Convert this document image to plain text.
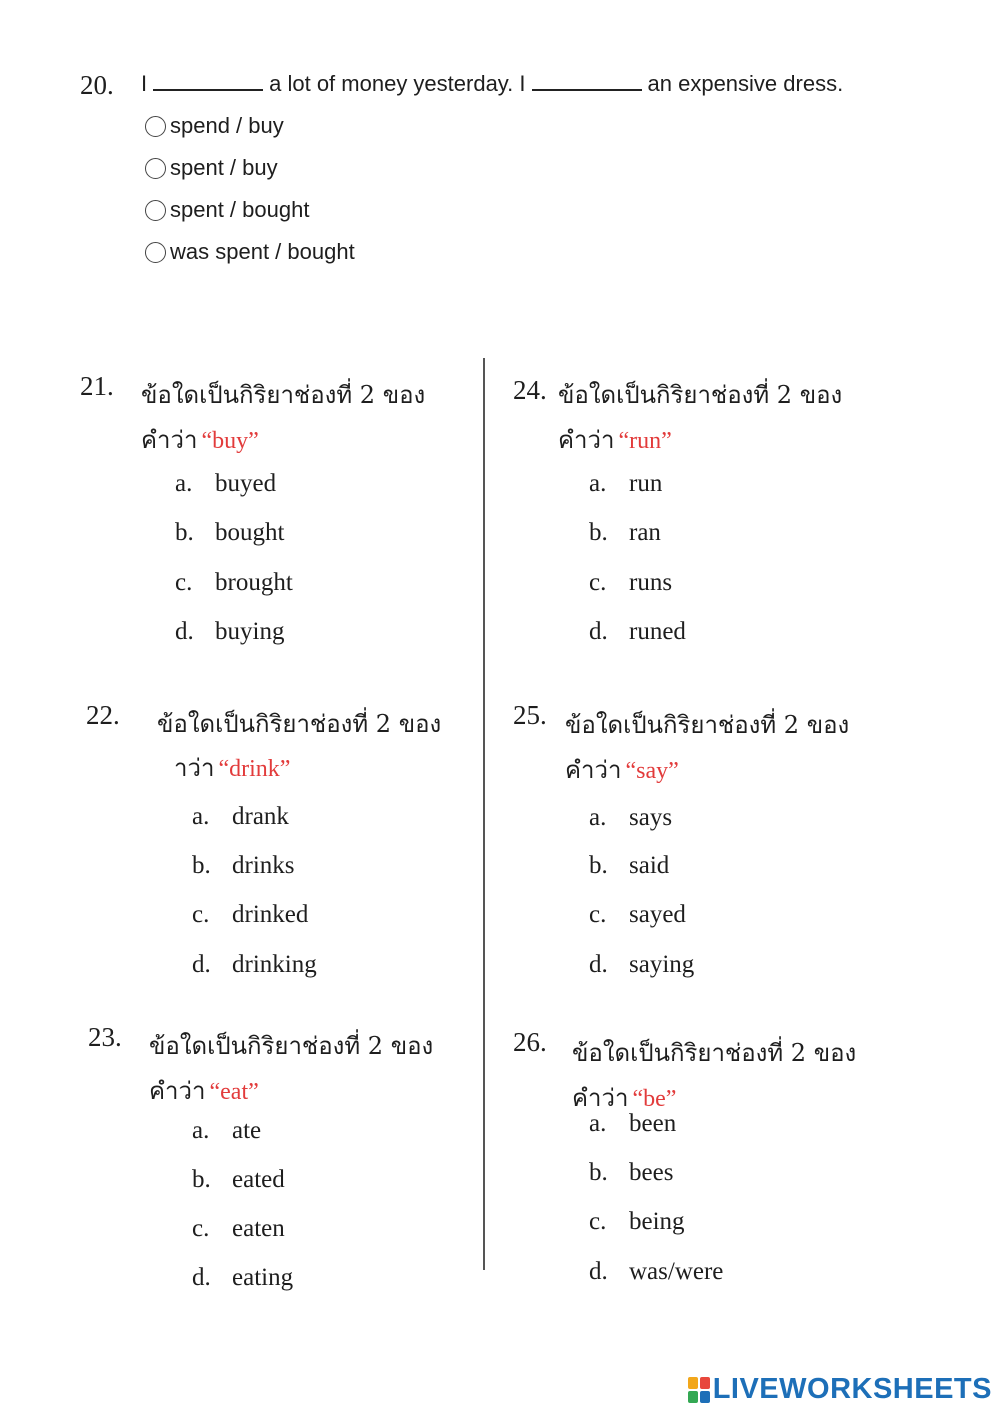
20. I	a lot of money yesterday. I	an expensive dress.
spend / buy
spent / buy
spent / bought
was spent / bought
21. ข้อใดเป็นกิริยาช่องที่ 2 ของ
คำว่า “buy”
a. buyed
b. bought
c. brought
d. buying
22. ข้อใดเป็นกิริยาช่องที่ 2 ของ
าว่า “drink”
a. drank
b. drinks
c. drinked
d. drinking
23. ข้อใดเป็นกิริยาช่องที่ 2 ของ
คำว่า “eat”
a. ate
b. eated
c. eaten
d. eating
24. ข้อใดเป็นกิริยาช่องที่ 2 ของ
คำว่า “run”
a. run
b. ran
c. runs
d. runed
25. ข้อใดเป็นกิริยาช่องที่ 2 ของ
คำว่า “say”
a. says
b. said
c. sayed
d. saying
26. ข้อใดเป็นกิริยาช่องที่ 2 ของ
คำว่า “be”
a. been
b. bees
c. being
d. was/were
LIVEWORKSHEETS
